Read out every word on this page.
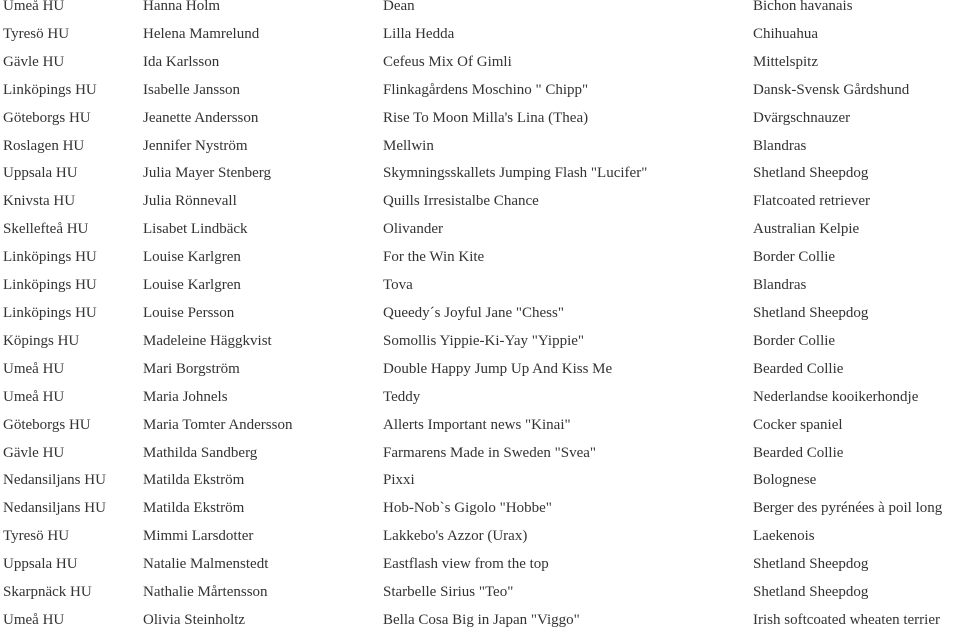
Umeå HU	Hanna Holm	Dean	Bichon havanais
Tyresö HU	Helena Mamrelund	Lilla Hedda	Chihuahua
Gävle HU	Ida Karlsson	Cefeus Mix Of Gimli	Mittelspitz
Linköpings HU	Isabelle Jansson	Flinkagårdens Moschino " Chipp"	Dansk-Svensk Gårdshund
Göteborgs HU	Jeanette Andersson	Rise To Moon Milla's Lina (Thea)	Dvärgschnauzer
Roslagen HU	Jennifer Nyström	Mellwin	Blandras
Uppsala HU	Julia Mayer Stenberg	Skymningsskallets Jumping Flash "Lucifer"	Shetland Sheepdog
Knivsta HU	Julia Rönnevall	Quills Irresistalbe Chance	Flatcoated retriever
Skellefteå HU	Lisabet Lindbäck	Olivander	Australian Kelpie
Linköpings HU	Louise Karlgren	For the Win Kite	Border Collie
Linköpings HU	Louise Karlgren	Tova	Blandras
Linköpings HU	Louise Persson	Queedy´s Joyful Jane "Chess"	Shetland Sheepdog
Köpings HU	Madeleine Häggkvist	Somollis Yippie-Ki-Yay "Yippie"	Border Collie
Umeå HU	Mari Borgström	Double Happy Jump Up And Kiss Me	Bearded Collie
Umeå HU	Maria Johnels	Teddy	Nederlandse kooikerhondje
Göteborgs HU	Maria Tomter Andersson	Allerts Important news "Kinai"	Cocker spaniel
Gävle HU	Mathilda Sandberg	Farmarens Made in Sweden "Svea"	Bearded Collie
Nedansiljans HU	Matilda Ekström	Pixxi	Bolognese
Nedansiljans HU	Matilda Ekström	Hob-Nob`s Gigolo "Hobbe"	Berger des pyrénées à poil long
Tyresö HU	Mimmi Larsdotter	Lakkebo's Azzor (Urax)	Laekenois
Uppsala HU	Natalie Malmenstedt	Eastflash view from the top	Shetland Sheepdog
Skarpnäck HU	Nathalie Mårtensson	Starbelle Sirius "Teo"	Shetland Sheepdog
Umeå HU	Olivia Steinholtz	Bella Cosa Big in Japan "Viggo"	Irish softcoated wheaten terrier
